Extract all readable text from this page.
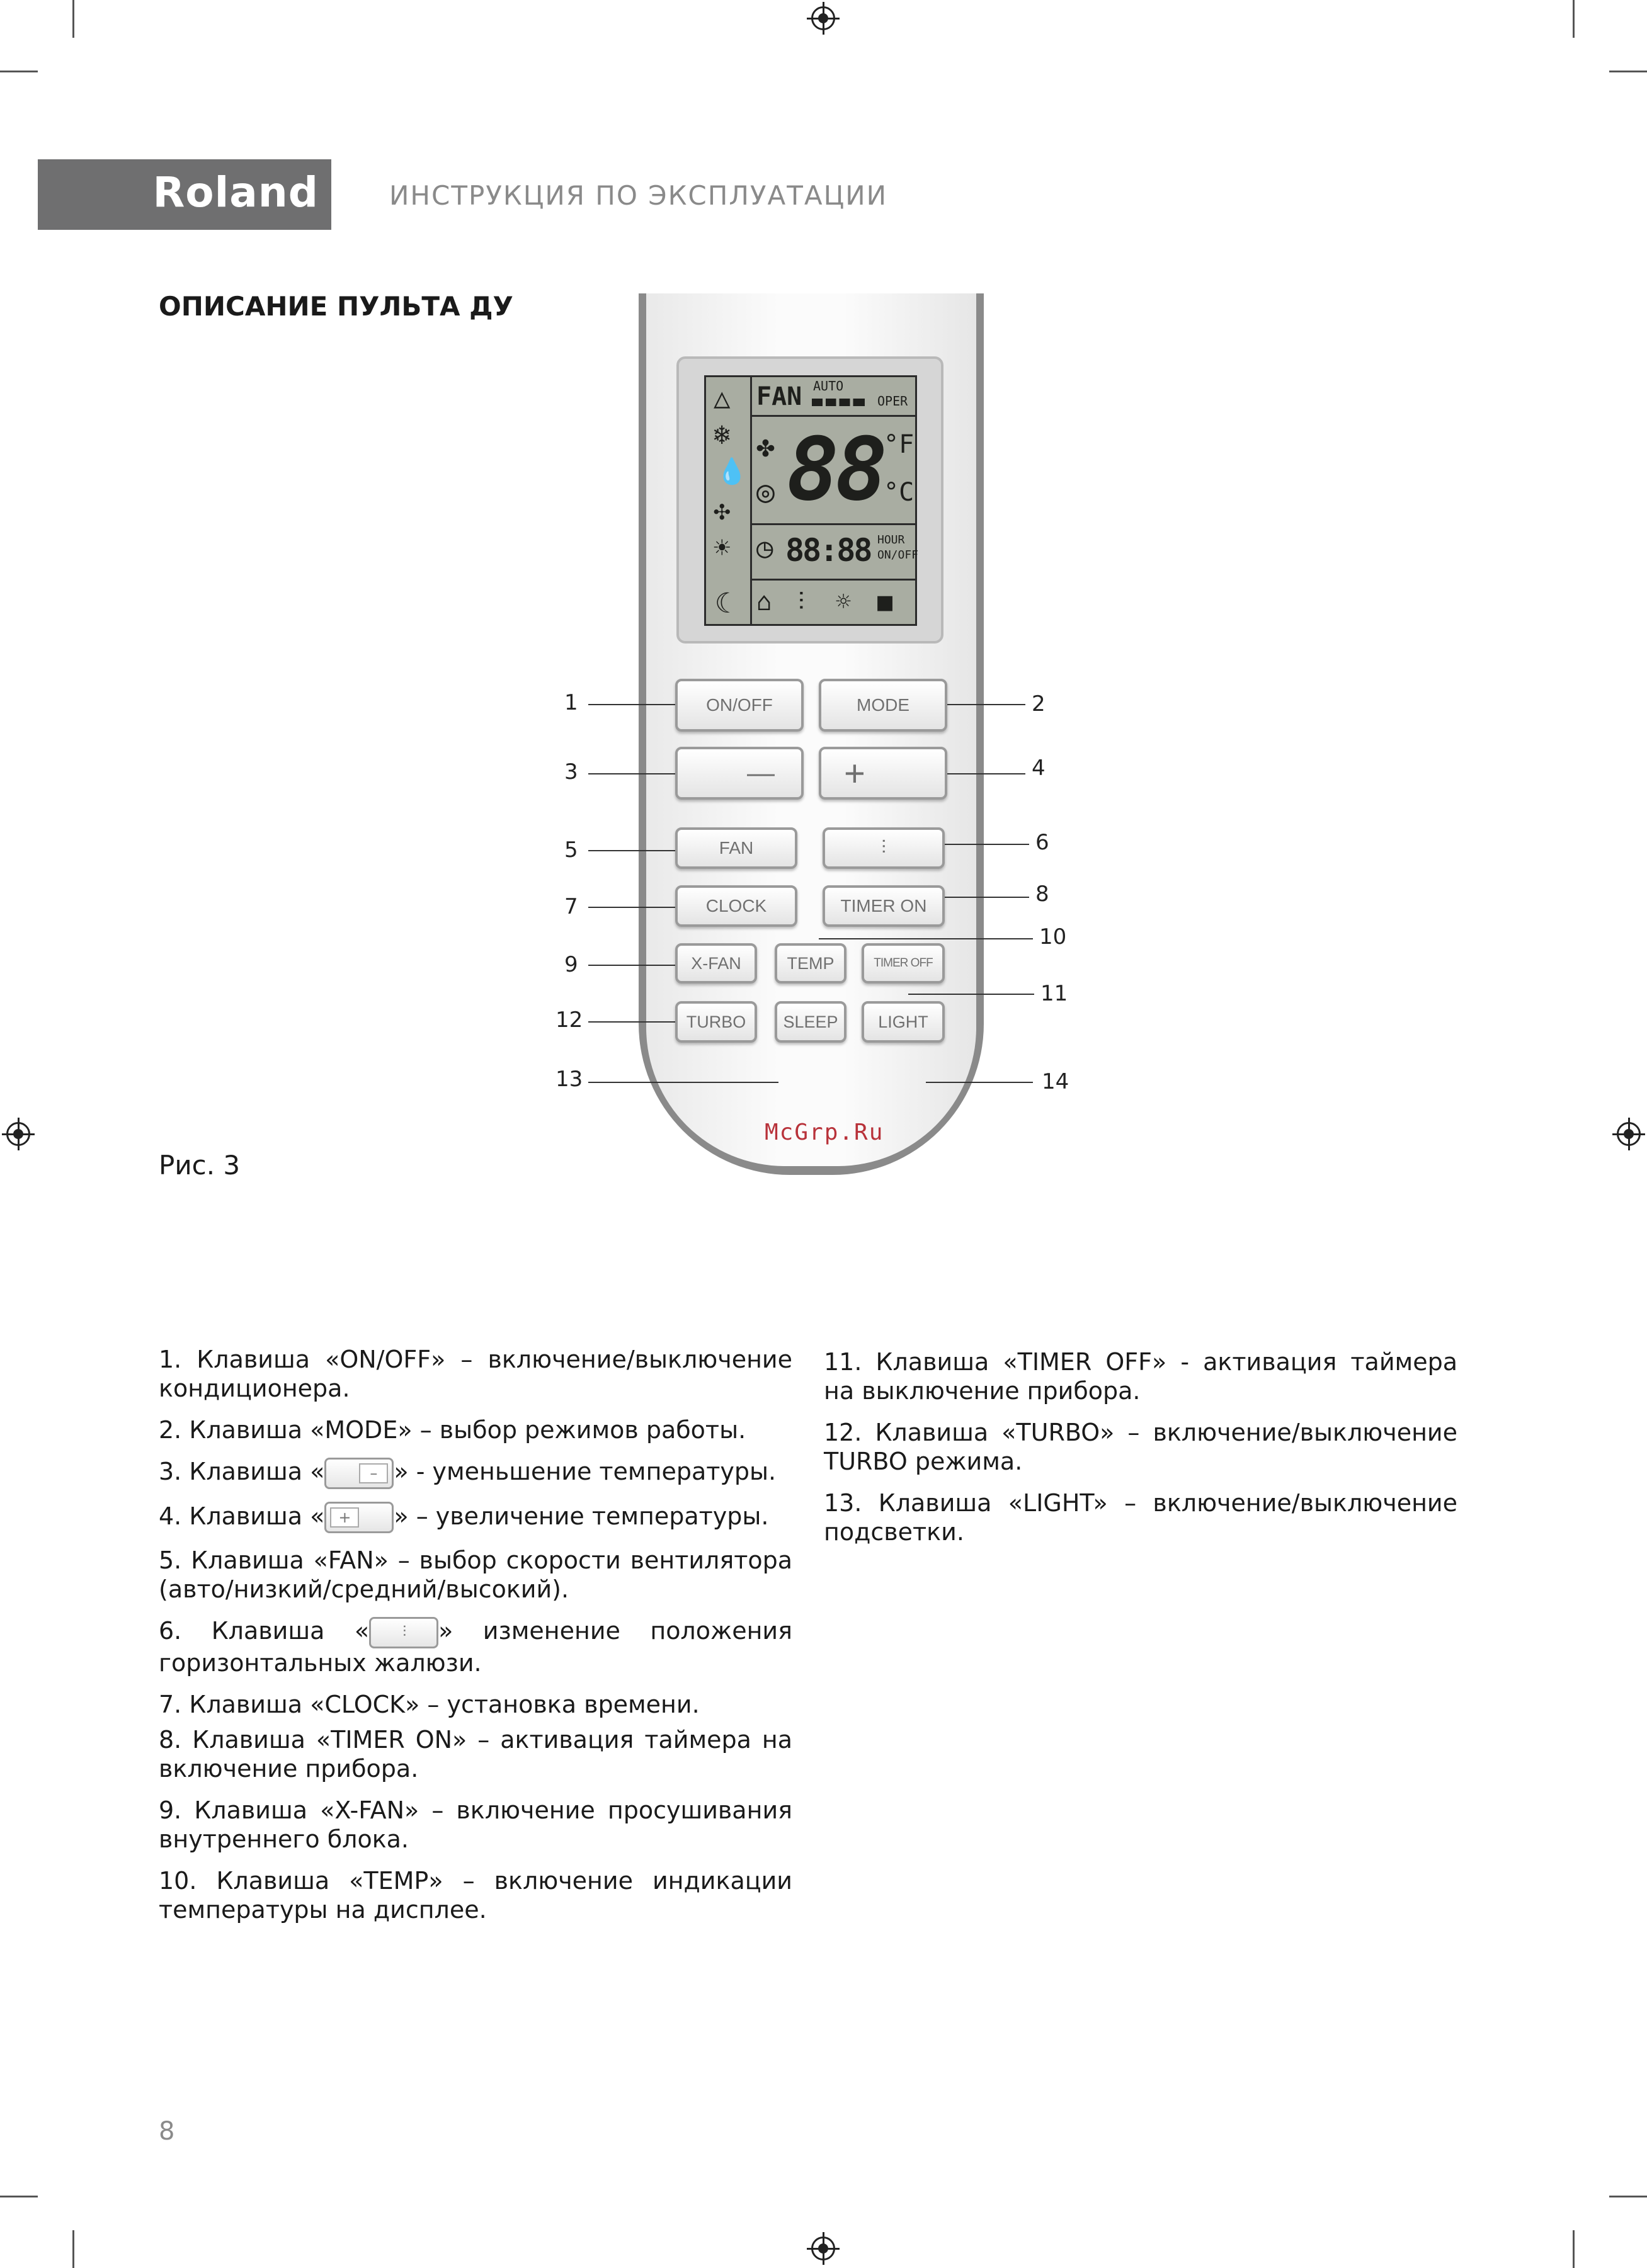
Roland	ИНСТРУКЦИЯ ПО ЭКСПЛУАТАЦИИ
ОПИСАНИЕ ПУЛЬТА ДУ
△
❄
💧
✣
☀
☾
FAN AUTO
OPER
✤
◎ 88 °F
°C
◷ 88:88 HOUR
ON/OFF
⌂ ⫶ ☼ ■
ON/OFF	MODE
—	+
FAN	⫶
CLOCK	TIMER ON
X-FAN	TEMP	TIMER OFF
TURBO	SLEEP	LIGHT
1	2
3	4
5	6
7	8
9
10
11
12
13	14
McGrp.Ru
Рис. 3

1. Клавиша «ON/OFF» – включение/выключение кондиционера.

2. Клавиша «MODE» – выбор режимов работы.

3. Клавиша «	– » - уменьшение температуры.

4. Клавиша « +	» – увеличение температуры.

5. Клавиша «FAN» – выбор скорости вентилятора (авто/низкий/средний/высокий).

6. Клавиша «	⫶	» изменение положения горизонтальных жалюзи.

7. Клавиша «CLOCK» – установка времени.

8. Клавиша «TIMER ON» – активация таймера на включение прибора.

9. Клавиша «X-FAN» – включение просушивания внутреннего блока.

10. Клавиша «TEMP» – включение индикации температуры на дисплее.

11. Клавиша «TIMER OFF» - активация таймера на выключение прибора.

12. Клавиша «TURBO» – включение/выключение TURBO режима.

13. Клавиша «LIGHT» – включение/выключение подсветки.

8
